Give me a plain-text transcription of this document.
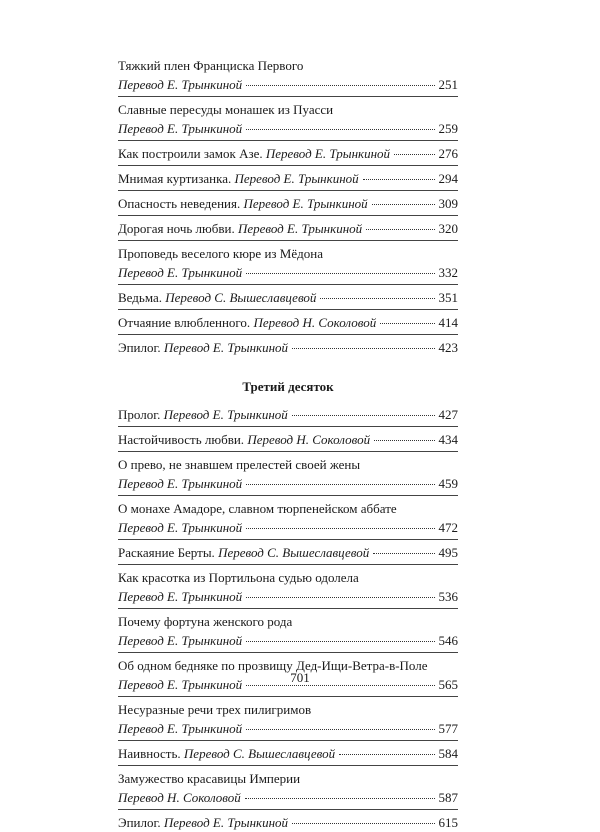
Тяжкий плен Франциска Первого
Перевод Е. Трынкиной	251
Славные пересуды монашек из Пуасси
Перевод Е. Трынкиной	259
Как построили замок Азе. Перевод Е. Трынкиной	276
Мнимая куртизанка. Перевод Е. Трынкиной	294
Опасность неведения. Перевод Е. Трынкиной	309
Дорогая ночь любви. Перевод Е. Трынкиной	320
Проповедь веселого кюре из Мёдона
Перевод Е. Трынкиной	332
Ведьма. Перевод С. Вышеславцевой	351
Отчаяние влюбленного. Перевод Н. Соколовой	414
Эпилог. Перевод Е. Трынкиной	423
Третий десяток
Пролог. Перевод Е. Трынкиной	427
Настойчивость любви. Перевод Н. Соколовой	434
О прево, не знавшем прелестей своей жены
Перевод Е. Трынкиной	459
О монахе Амадоре, славном тюрпенейском аббате
Перевод Е. Трынкиной	472
Раскаяние Берты. Перевод С. Вышеславцевой	495
Как красотка из Портильона судью одолела
Перевод Е. Трынкиной	536
Почему фортуна женского рода
Перевод Е. Трынкиной	546
Об одном бедняке по прозвищу Дед-Ищи-Ветра-в-Поле
Перевод Е. Трынкиной	565
Несуразные речи трех пилигримов
Перевод Е. Трынкиной	577
Наивность. Перевод С. Вышеславцевой	584
Замужество красавицы Империи
Перевод Н. Соколовой	587
Эпилог. Перевод Е. Трынкиной	615
701
